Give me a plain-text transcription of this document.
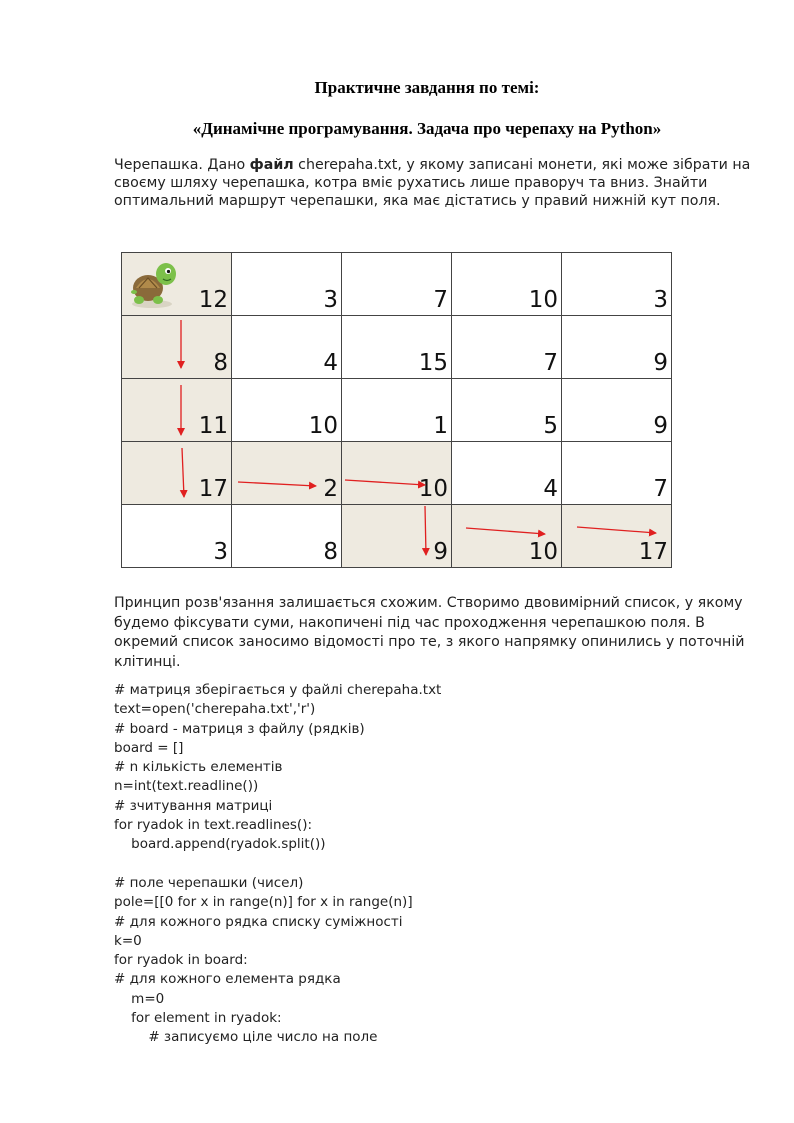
Практичне завдання по темі:
«Динамічне програмування. Задача про черепаху на Python»
Черепашка. Дано файл cherepaha.txt, у якому записані монети, які може зібрати на своєму шляху черепашка, котра вміє рухатись лише праворуч та вниз. Знайти оптимальний маршрут черепашки, яка має дістатись у правий нижній кут поля.
12	3	7	10	3

8	4	15	7	9

11	10	1	5	9

17	2	10	4	7

3	8	9	10	17
Принцип розв'язання залишається схожим. Створимо двовимірний список, у якому будемо фіксувати суми, накопичені під час проходження черепашкою поля. В окремий список заносимо відомості про те, з якого напрямку опинились у поточній клітинці.
# матриця зберігається у файлі cherepaha.txt
text=open('cherepaha.txt','r')
# board - матриця з файлу (рядків)
board = []
# n кількість елементів
n=int(text.readline())
# зчитування матриці
for ryadok in text.readlines():
board.append(ryadok.split())
# поле черепашки (чисел)
pole=[[0 for x in range(n)] for x in range(n)]
# для кожного рядка списку суміжності
k=0
for ryadok in board:
# для кожного елемента рядка
m=0
for element in ryadok:
# записуємо ціле число на поле
